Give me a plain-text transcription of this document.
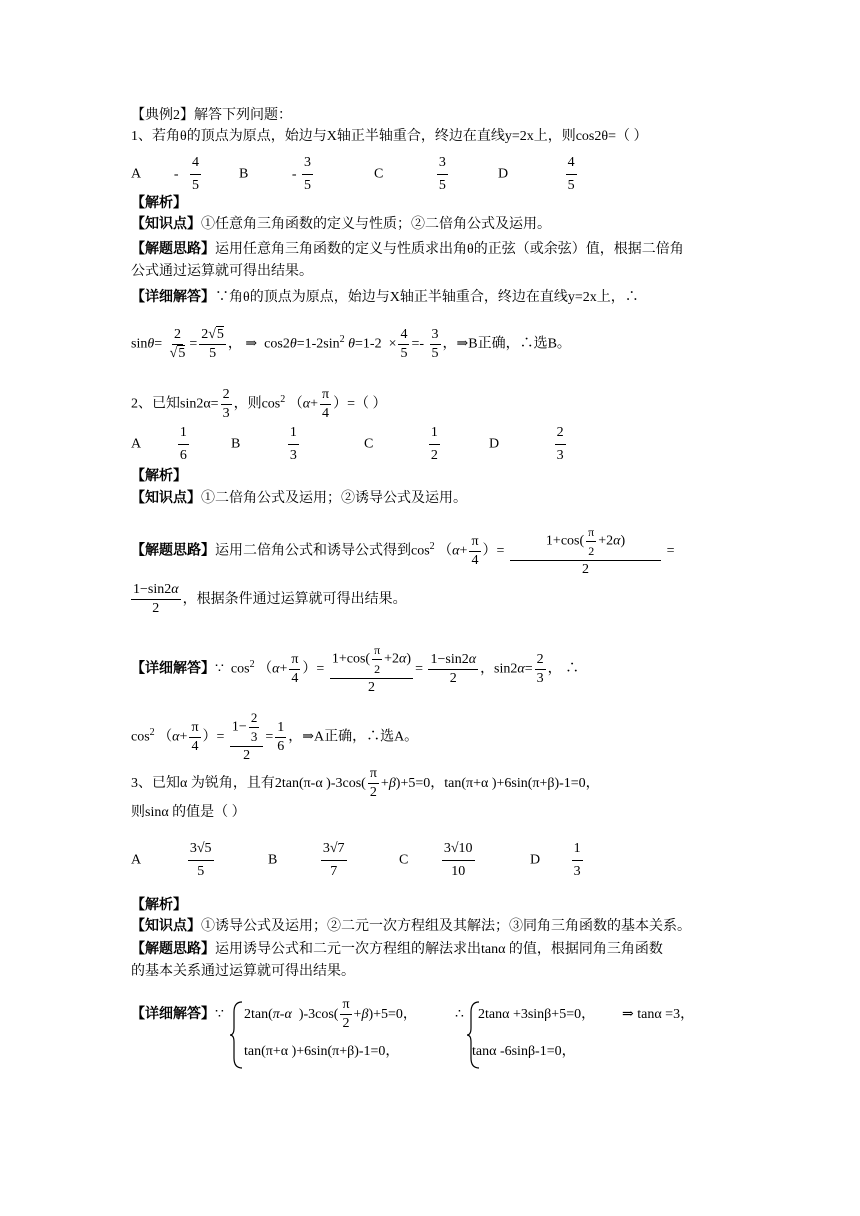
【典例2】解答下列问题：
1、若角θ的顶点为原点，始边与X轴正半轴重合，终边在直线y=2x上，则cos2θ=（ ）
A - $\frac{4}{5}$	B	- $\frac{3}{5}$	C	$\frac{3}{5}$	D	$\frac{4}{5}$
【解析】
【知识点】①任意角三角函数的定义与性质；②二倍角公式及运用。
【解题思路】运用任意角三角函数的定义与性质求出角θ的正弦（或余弦）值，根据二倍角
公式通过运算就可得出结果。
【详细解答】∵角θ的顶点为原点，始边与X轴正半轴重合，终边在直线y=2x上，∴
$\sin\theta= \frac{2}{√5} = \frac{2√5}{5}$ ， ⇒  $\cos 2\theta=1-2\sin^2$ $\theta=1-2 \times \frac{4}{5} =- \frac{3}{5}$ ，⇒B正确，∴选B。
2、已知$\sin 2\alpha= \frac{2}{3}$ ，则$\cos^2 (\alpha+ \frac{\pi}{4}$ ）=（ ）
A	$\frac{1}{6}$	B	$\frac{1}{3}$	C	$\frac{1}{2}$	D	$\frac{2}{3}$
【解析】
【知识点】①二倍角公式及运用；②诱导公式及运用。
【解题思路】运用二倍角公式和诱导公式得到$\cos^2 (\alpha+ \frac{\pi}{4}$ ）= $\frac{1+\cos( \frac{\pi}{2} +2\alpha)}{2}$ =
$\frac{1-\sin 2\alpha}{2}$ ，根据条件通过运算就可得出结果。
【详细解答】∵  $\cos^2 (\alpha+ \frac{\pi}{4}$ ）= $\frac{1+\cos( \frac{\pi}{2} +2\alpha)}{2} = \frac{1-\sin 2\alpha}{2}$ ，$\sin 2\alpha= \frac{2}{3}$ ， ∴
$\cos^2 (\alpha+ \frac{\pi}{4}$ ）= $\frac{1- \frac{2}{3}}{2} = \frac{1}{6}$ ，⇒A正确，∴选A。
3、已知α 为锐角，且有2tan(π-α )$-3\cos( \frac{\pi}{2} +\beta)+5=0$，tan(π+α )+6sin(π+β)-1=0，
则sinα 的值是（ ）
A	$\frac{3√5}{5}$	B	$\frac{3√7}{7}$	C $\frac{3√10}{10}$	D $\frac{1}{3}$
【解析】
【知识点】①诱导公式及运用；②二元一次方程组及其解法；③同角三角函数的基本关系。
【解题思路】运用诱导公式和二元一次方程组的解法求出tanα 的值，根据同角三角函数
的基本关系通过运算就可得出结果。
【详细解答】∵ 2tan(π-α  )$-3\cos( \frac{\pi}{2} +\beta)+5=0$，
tan(π+α )+6sin(π+β)-1=0，
∴ 2tanα +3sinβ+5=0，
tanα -6sinβ-1=0，
⇒ tanα =3，
